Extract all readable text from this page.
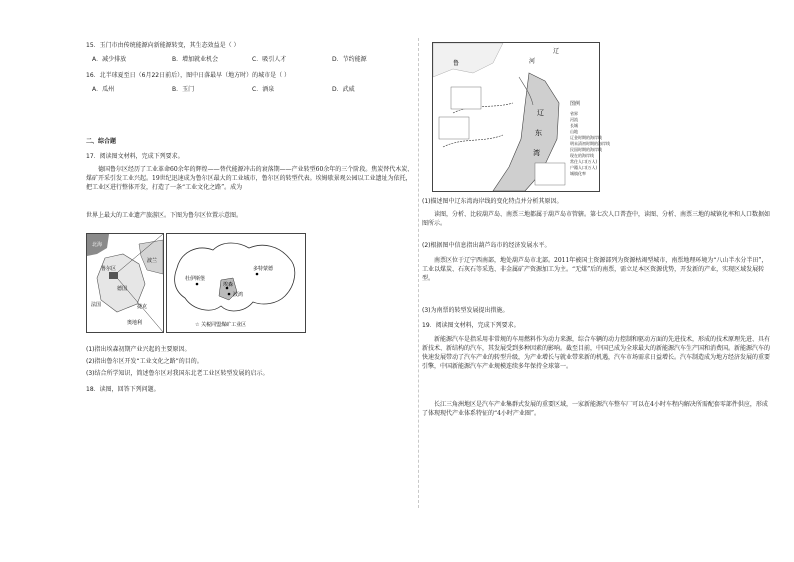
15．玉门市由传统能源向新能源转变，其生态效益是（ ）
A．减少排放	B．增加就业机会	C．吸引人才	D．节约能源
16．北半球夏至日（6月22日前后），图中日落最早（地方时）的城市是（ ）
A．瓜州	B．玉门	C．酒泉	D．武威
二、综合题
17．阅读图文材料，完成下列要求。
德国鲁尔区经历了工业革命60余年的辉煌——替代能源冲击的衰落期——产业转型60余年的三个阶段。焦炭替代木炭、煤矿开采引发工业兴起。19世纪迅速成为鲁尔区最大的工业城市，鲁尔区的转型代表。埃姆歇景观公园以工业遗址为依托，把工业区进行整体开发，打造了一条“工业文化之路”。成为
世界上最大的工业遗产旅游区。下图为鲁尔区位置示意图。
北海
德国
鲁尔区
波兰
捷克
奥地利
法国
杜伊斯堡
多特蒙德
埃森
波鸿
☆ 关税同盟煤矿工业区
(1)指出埃森初期产业兴起的主要原因。
(2)指出鲁尔区开发“工业文化之路”的目的。
(3)结合所学知识，简述鲁尔区对我国东北老工业区转型发展的启示。
18．读图，回答下列问题。
辽
河
辽
东
湾
鲁
图例
省界
河流
长城
山地
辽金时期的海岸线
明末清初时期的海岸线
民国时期的海岸线
现在的海岸线
常住人口(万人)
户籍人口(万人)
城镇化率
(1)描述图中辽东湾海岸线的变化特点并分析其原因。
读图，分析、比较葫芦岛、南票三地都属于葫芦岛市管辖。第七次人口普查中，读图、分析、南票三地的城镇化率和人口数据如图所示。
(2)根据图中信息指出葫芦岛市的经济发展水平。
南票区位于辽宁西南部，地处葫芦岛市北部。2011年被国土资源部列为资源枯竭型城市，南票地理环境为“八山半水分半田”，工业以煤炭、石灰石等采选、非金属矿产资源加工为主。“无煤”后的南票，需立足本区资源优势，开发新的产业，实现区域发展转型。
(3)为南票的转型发展提出措施。
19．阅读图文材料，完成下列要求。
新能源汽车是指采用非常规的车用燃料作为动力来源，综合车辆的动力控制和驱动方面的先进技术，形成的技术原理先进、具有新技术、新结构的汽车，其发展受到多种因素的影响。截至目前，中国已成为全球最大的新能源汽车生产国和消费国。新能源汽车的快速发展带动了汽车产业的转型升级，为产业增长与就业带来新的机遇，汽车市场需求日益增长。汽车制造成为地方经济发展的重要引擎，中国新能源汽车产业规模连续多年保持全球第一。
长江三角洲地区是汽车产业集群式发展的重要区域，一家新能源汽车整车厂可以在4小时车程内解决所需配套零部件供应，形成了体现现代产业体系特征的“4小时产业圈”。
